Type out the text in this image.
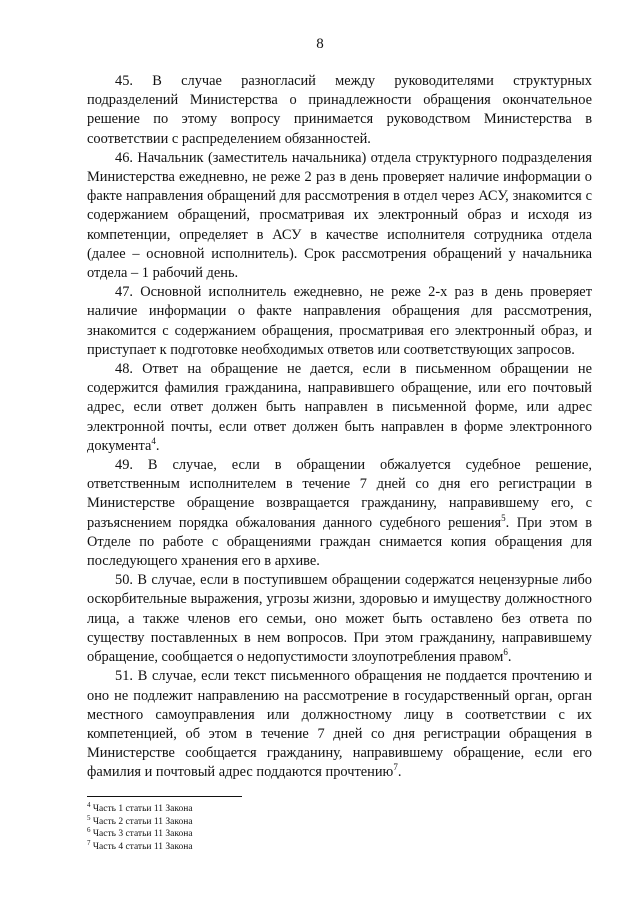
8

45. В случае разногласий между руководителями структурных подразделений Министерства о принадлежности обращения окончательное решение по этому вопросу принимается руководством Министерства в соответствии с распределением обязанностей.

46. Начальник (заместитель начальника) отдела структурного подразделения Министерства ежедневно, не реже 2 раз в день проверяет наличие информации о факте направления обращений для рассмотрения в отдел через АСУ, знакомится с содержанием обращений, просматривая их электронный образ и исходя из компетенции, определяет в АСУ в качестве исполнителя сотрудника отдела (далее – основной исполнитель). Срок рассмотрения обращений у начальника отдела – 1 рабочий день.

47. Основной исполнитель ежедневно, не реже 2-х раз в день проверяет наличие информации о факте направления обращения для рассмотрения, знакомится с содержанием обращения, просматривая его электронный образ, и приступает к подготовке необходимых ответов или соответствующих запросов.

48. Ответ на обращение не дается, если в письменном обращении не содержится фамилия гражданина, направившего обращение, или его почтовый адрес, если ответ должен быть направлен в письменной форме, или адрес электронной почты, если ответ должен быть направлен в форме электронного документа$^4$.

49. В случае, если в обращении обжалуется судебное решение, ответственным исполнителем в течение 7 дней со дня его регистрации в Министерстве обращение возвращается гражданину, направившему его, с разъяснением порядка обжалования данного судебного решения$^5$. При этом в Отделе по работе с обращениями граждан снимается копия обращения для последующего хранения его в архиве.

50. В случае, если в поступившем обращении содержатся нецензурные либо оскорбительные выражения, угрозы жизни, здоровью и имуществу должностного лица, а также членов его семьи, оно может быть оставлено без ответа по существу поставленных в нем вопросов. При этом гражданину, направившему обращение, сообщается о недопустимости злоупотребления правом$^6$.

51. В случае, если текст письменного обращения не поддается прочтению и оно не подлежит направлению на рассмотрение в государственный орган, орган местного самоуправления или должностному лицу в соответствии с их компетенцией, об этом в течение 7 дней со дня регистрации обращения в Министерстве сообщается гражданину, направившему обращение, если его фамилия и почтовый адрес поддаются прочтению$^7$.

$^4$ Часть 1 статьи 11 Закона

$^5$ Часть 2 статьи 11 Закона

$^6$ Часть 3 статьи 11 Закона

$^7$ Часть 4 статьи 11 Закона
